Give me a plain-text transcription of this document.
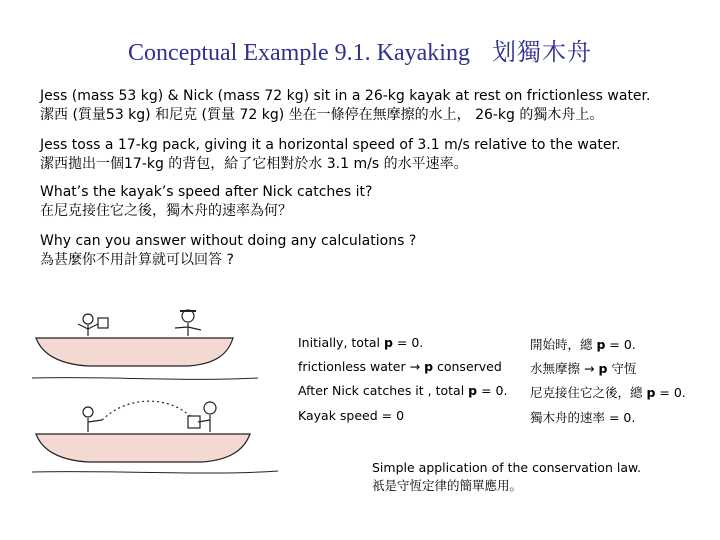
Conceptual Example 9.1. Kayaking 划獨木舟
Jess (mass 53 kg) & Nick (mass 72 kg) sit in a 26-kg kayak at rest on frictionless water.
潔西 (質量53 kg) 和尼克 (質量 72 kg) 坐在一條停在無摩擦的水上， 26-kg 的獨木舟上。
Jess toss a 17-kg pack, giving it a horizontal speed of 3.1 m/s relative to the water.
潔西拋出一個17-kg 的背包，給了它相對於水 3.1 m/s 的水平速率。
What’s the kayak’s speed after Nick catches it?
在尼克接住它之後，獨木舟的速率為何？
Why can you answer without doing any calculations ?
為甚麼你不用計算就可以回答 ?
Initially, total p = 0.	開始時，總 p = 0.
frictionless water → p conserved 水無摩擦 → p 守恆
After Nick catches it , total p = 0. 尼克接住它之後，總 p = 0.
Kayak speed = 0	獨木舟的速率 = 0.
Simple application of the conservation law.
祇是守恆定律的簡單應用。
